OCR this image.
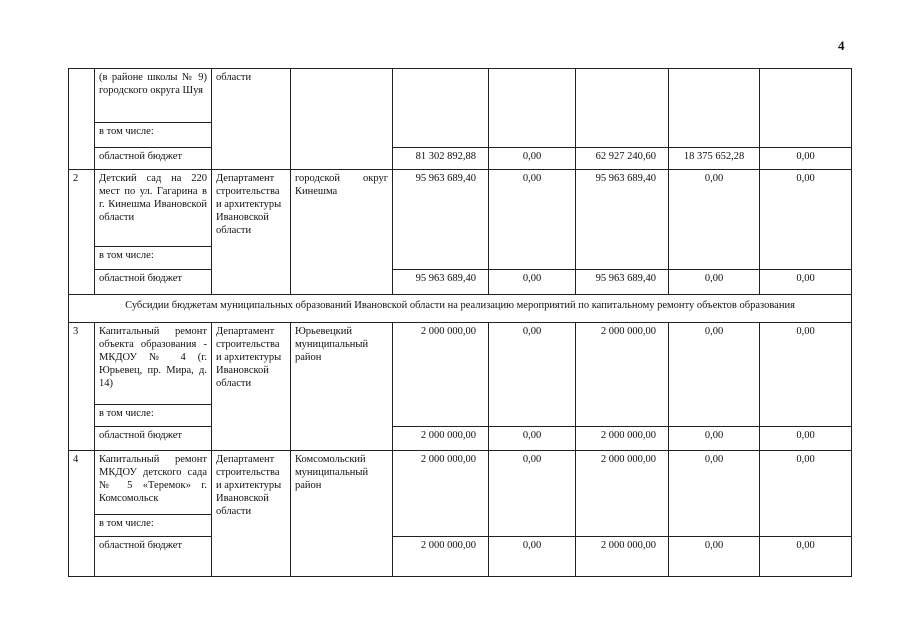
4
	(в районе школы № 9) городского округа Шуя	области						
	в том числе:							
	областной бюджет			81 302 892,88	0,00	62 927 240,60	18 375 652,28	0,00
2	Детский сад на 220 мест по ул. Гагарина в г. Кинешма Ивановской области	Департамент строительства и архитектуры Ивановской области	городской округ Кинешма	95 963 689,40	0,00	95 963 689,40	0,00	0,00
	в том числе:							
	областной бюджет			95 963 689,40	0,00	95 963 689,40	0,00	0,00
Субсидии бюджетам муниципальных образований Ивановской области на реализацию мероприятий по капитальному ремонту объектов образования								
3	Капитальный ремонт объекта образования - МКДОУ № 4 (г. Юрьевец, пр. Мира, д. 14)	Департамент строительства и архитектуры Ивановской области	Юрьевецкий муниципальный район	2 000 000,00	0,00	2 000 000,00	0,00	0,00
	в том числе:							
	областной бюджет			2 000 000,00	0,00	2 000 000,00	0,00	0,00
4	Капитальный ремонт МКДОУ детского сада № 5 «Теремок» г. Комсомольск	Департамент строительства и архитектуры Ивановской области	Комсомольский муниципальный район	2 000 000,00	0,00	2 000 000,00	0,00	0,00
	в том числе:							
	областной бюджет			2 000 000,00	0,00	2 000 000,00	0,00	0,00
